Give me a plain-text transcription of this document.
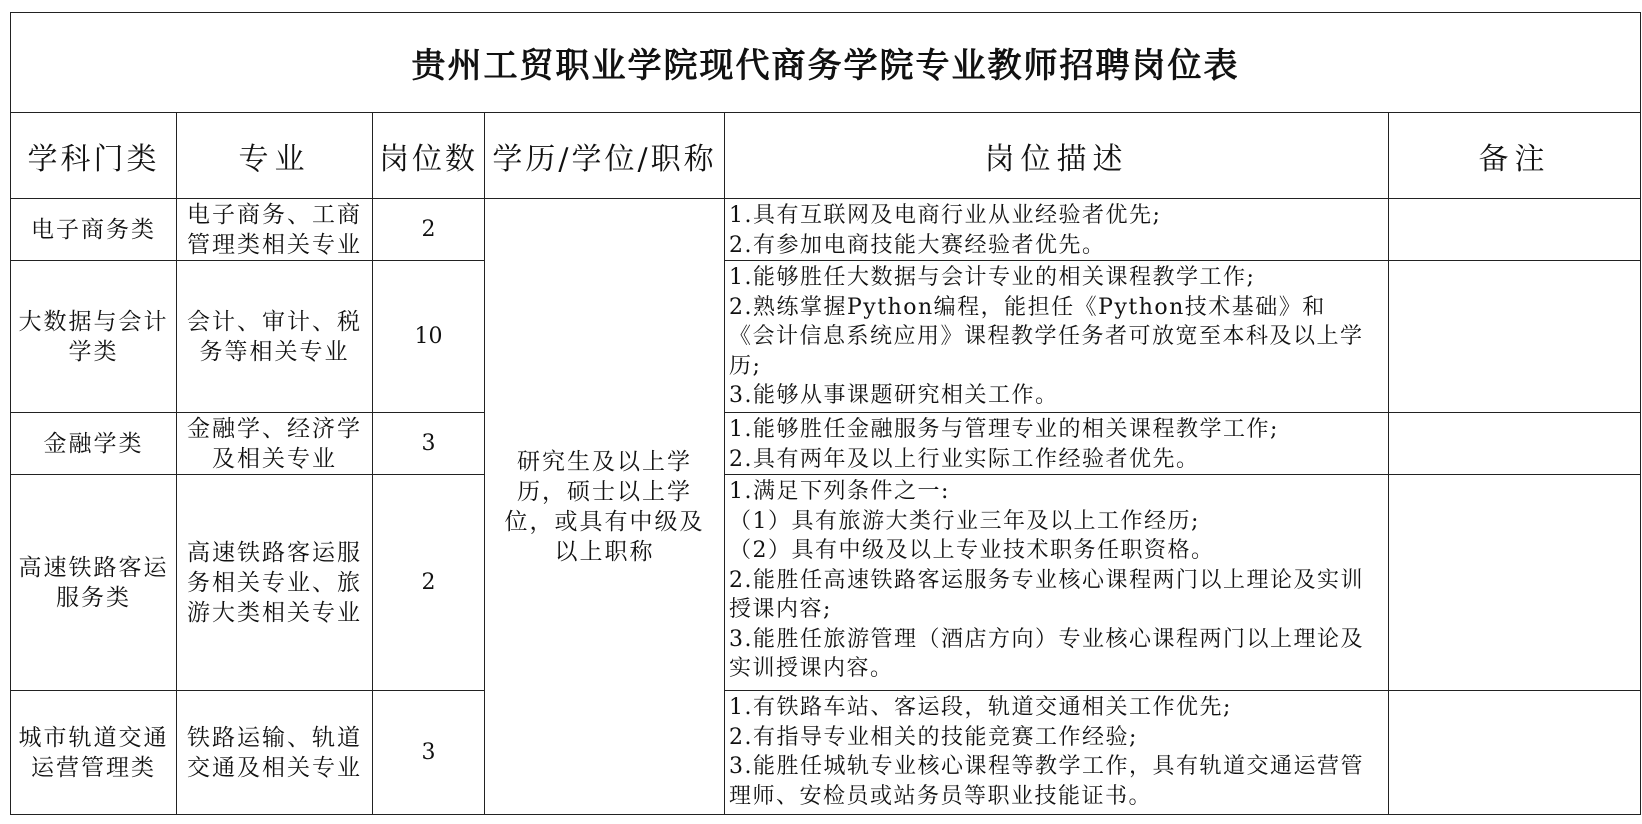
贵州工贸职业学院现代商务学院专业教师招聘岗位表					
学科门类	专业	岗位数	学历/学位/职称	岗位描述	备注
电子商务类	电子商务、工商管理类相关专业	2	研究生及以上学历，硕士以上学位，或具有中级及以上职称	1.具有互联网及电商行业从业经验者优先;
2.有参加电商技能大赛经验者优先。	

大数据与会计学类	会计、审计、税务等相关专业	10		1.能够胜任大数据与会计专业的相关课程教学工作;
2.熟练掌握Python编程，能担任《Python技术基础》和《会计信息系统应用》课程教学任务者可放宽至本科及以上学历;
3.能够从事课题研究相关工作。	

金融学类	金融学、经济学及相关专业	3		1.能够胜任金融服务与管理专业的相关课程教学工作;
2.具有两年及以上行业实际工作经验者优先。	

高速铁路客运服务类	高速铁路客运服务相关专业、旅游大类相关专业	2		1.满足下列条件之一:
（1）具有旅游大类行业三年及以上工作经历;
（2）具有中级及以上专业技术职务任职资格。
2.能胜任高速铁路客运服务专业核心课程两门以上理论及实训授课内容;
3.能胜任旅游管理（酒店方向）专业核心课程两门以上理论及实训授课内容。	

城市轨道交通运营管理类	铁路运输、轨道交通及相关专业	3		1.有铁路车站、客运段，轨道交通相关工作优先;
2.有指导专业相关的技能竞赛工作经验;
3.能胜任城轨专业核心课程等教学工作，具有轨道交通运营管理师、安检员或站务员等职业技能证书。	
